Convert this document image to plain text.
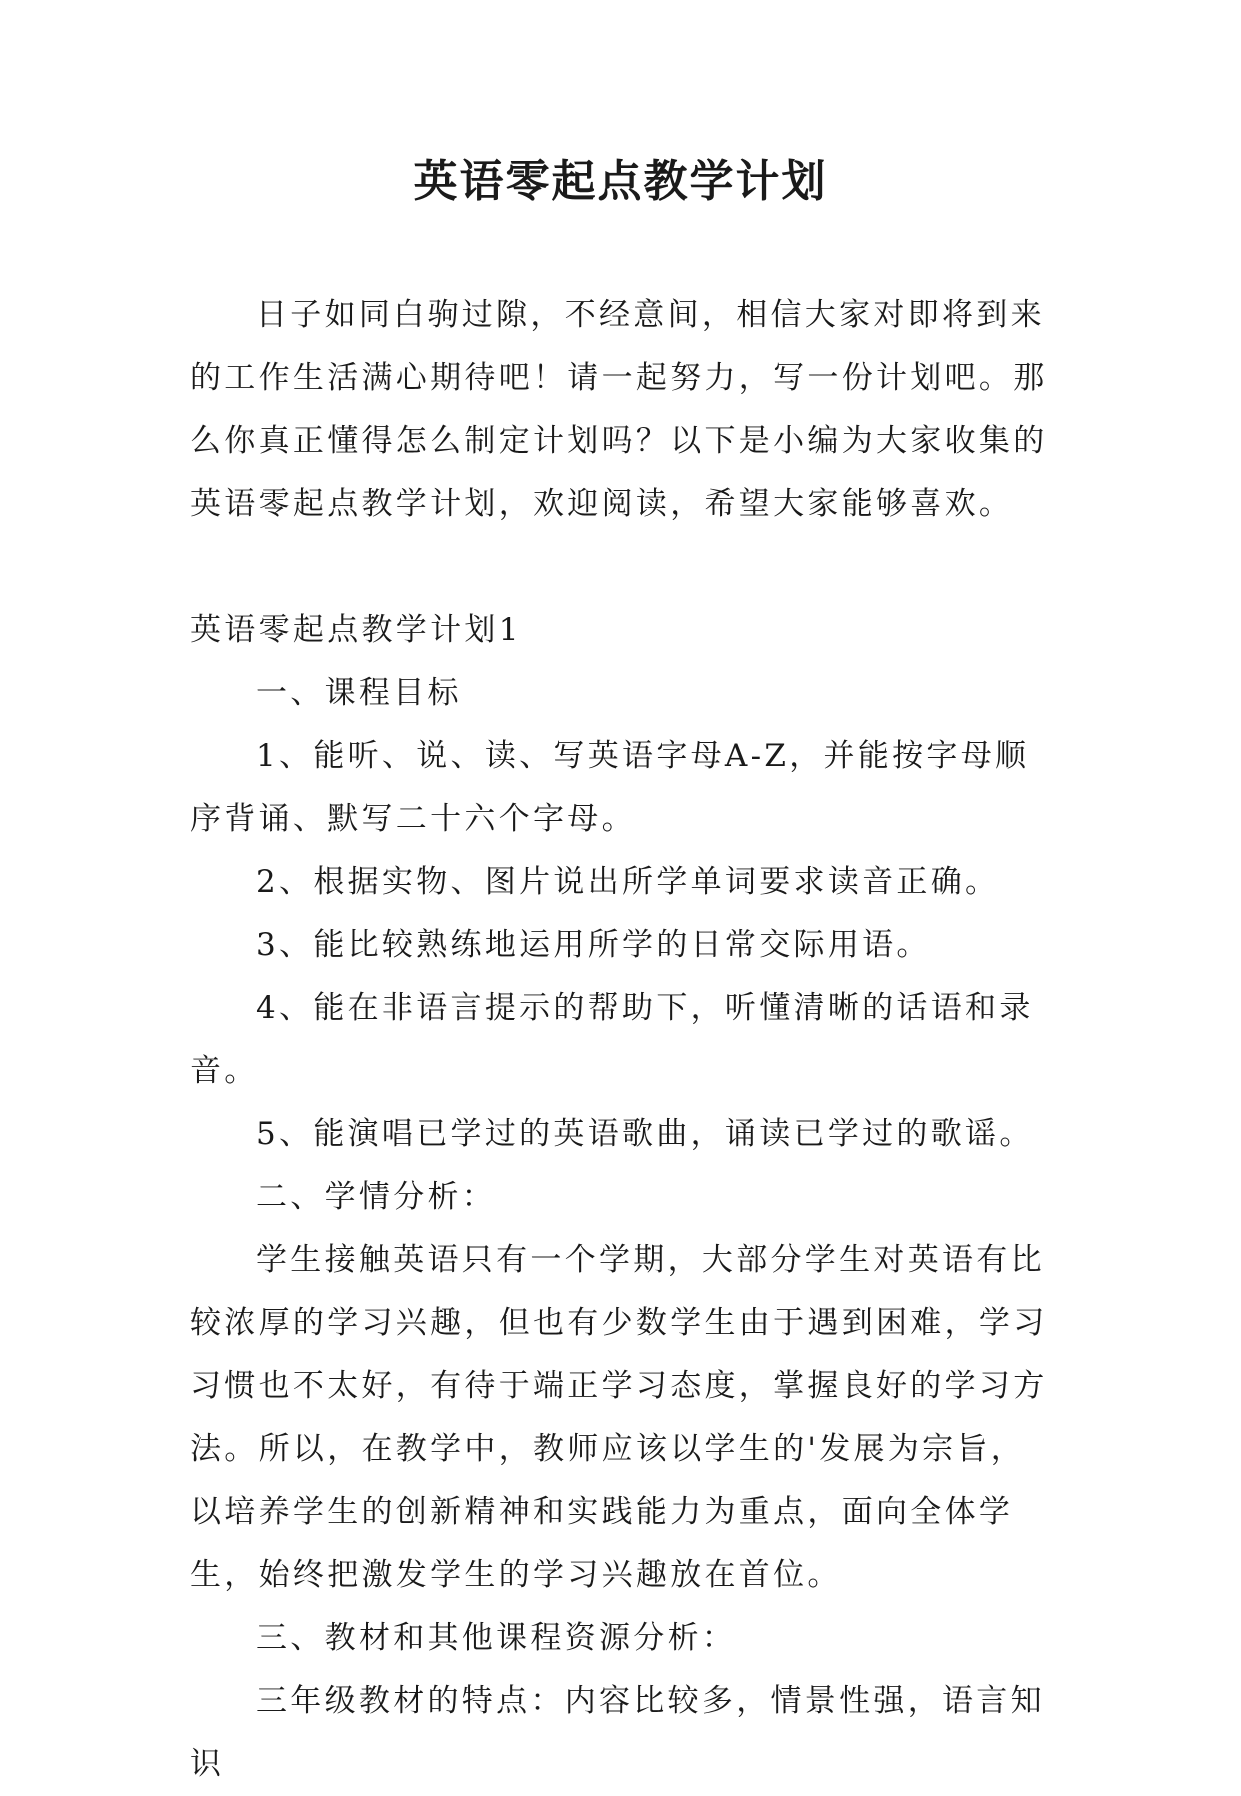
英语零起点教学计划

日子如同白驹过隙，不经意间，相信大家对即将到来的工作生活满心期待吧！请一起努力，写一份计划吧。那么你真正懂得怎么制定计划吗？以下是小编为大家收集的英语零起点教学计划，欢迎阅读，希望大家能够喜欢。

英语零起点教学计划1

一、课程目标

1、能听、说、读、写英语字母A-Z，并能按字母顺序背诵、默写二十六个字母。

2、根据实物、图片说出所学单词要求读音正确。

3、能比较熟练地运用所学的日常交际用语。

4、能在非语言提示的帮助下，听懂清晰的话语和录音。

5、能演唱已学过的英语歌曲，诵读已学过的歌谣。

二、学情分析：

学生接触英语只有一个学期，大部分学生对英语有比较浓厚的学习兴趣，但也有少数学生由于遇到困难，学习习惯也不太好，有待于端正学习态度，掌握良好的学习方法。所以，在教学中，教师应该以学生的'发展为宗旨，以培养学生的创新精神和实践能力为重点，面向全体学生，始终把激发学生的学习兴趣放在首位。

三、教材和其他课程资源分析：

三年级教材的特点：内容比较多，情景性强，语言知识
